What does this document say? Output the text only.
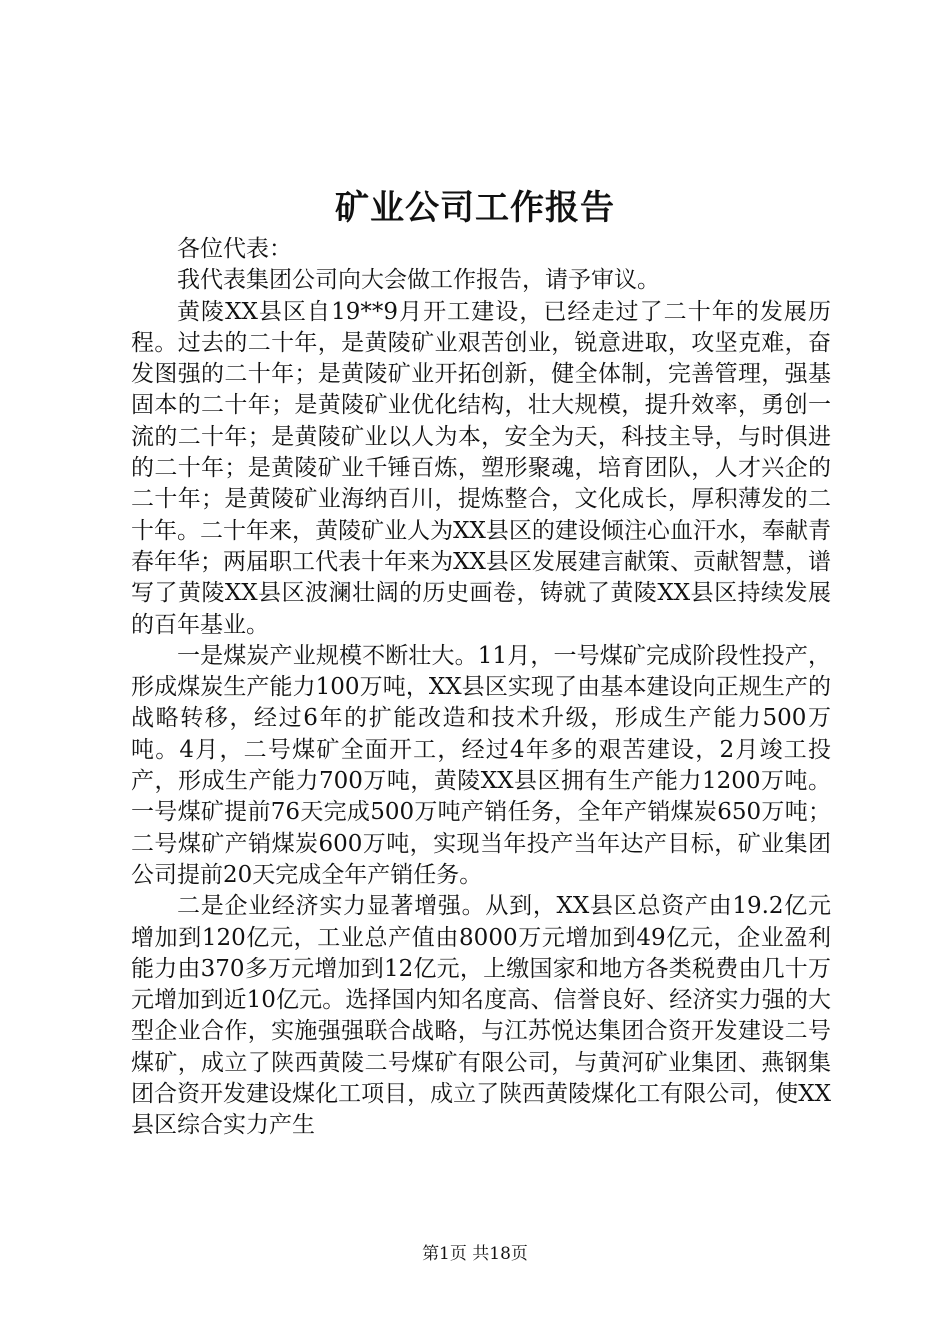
矿业公司工作报告

各位代表：

我代表集团公司向大会做工作报告，请予审议。

黄陵XX县区自19**9月开工建设，已经走过了二十年的发展历程。过去的二十年，是黄陵矿业艰苦创业，锐意进取，攻坚克难，奋发图强的二十年；是黄陵矿业开拓创新，健全体制，完善管理，强基固本的二十年；是黄陵矿业优化结构，壮大规模，提升效率，勇创一流的二十年；是黄陵矿业以人为本，安全为天，科技主导，与时俱进的二十年；是黄陵矿业千锤百炼，塑形聚魂，培育团队，人才兴企的二十年；是黄陵矿业海纳百川，提炼整合，文化成长，厚积薄发的二十年。二十年来，黄陵矿业人为XX县区的建设倾注心血汗水，奉献青春年华；两届职工代表十年来为XX县区发展建言献策、贡献智慧，谱写了黄陵XX县区波澜壮阔的历史画卷，铸就了黄陵XX县区持续发展的百年基业。

一是煤炭产业规模不断壮大。11月，一号煤矿完成阶段性投产，形成煤炭生产能力100万吨，XX县区实现了由基本建设向正规生产的战略转移，经过6年的扩能改造和技术升级，形成生产能力500万吨。4月，二号煤矿全面开工，经过4年多的艰苦建设，2月竣工投产，形成生产能力700万吨，黄陵XX县区拥有生产能力1200万吨。一号煤矿提前76天完成500万吨产销任务，全年产销煤炭650万吨；二号煤矿产销煤炭600万吨，实现当年投产当年达产目标，矿业集团公司提前20天完成全年产销任务。

二是企业经济实力显著增强。从到，XX县区总资产由19.2亿元增加到120亿元，工业总产值由8000万元增加到49亿元，企业盈利能力由370多万元增加到12亿元，上缴国家和地方各类税费由几十万元增加到近10亿元。选择国内知名度高、信誉良好、经济实力强的大型企业合作，实施强强联合战略，与江苏悦达集团合资开发建设二号煤矿，成立了陕西黄陵二号煤矿有限公司，与黄河矿业集团、燕钢集团合资开发建设煤化工项目，成立了陕西黄陵煤化工有限公司，使XX县区综合实力产生

第1页 共18页
